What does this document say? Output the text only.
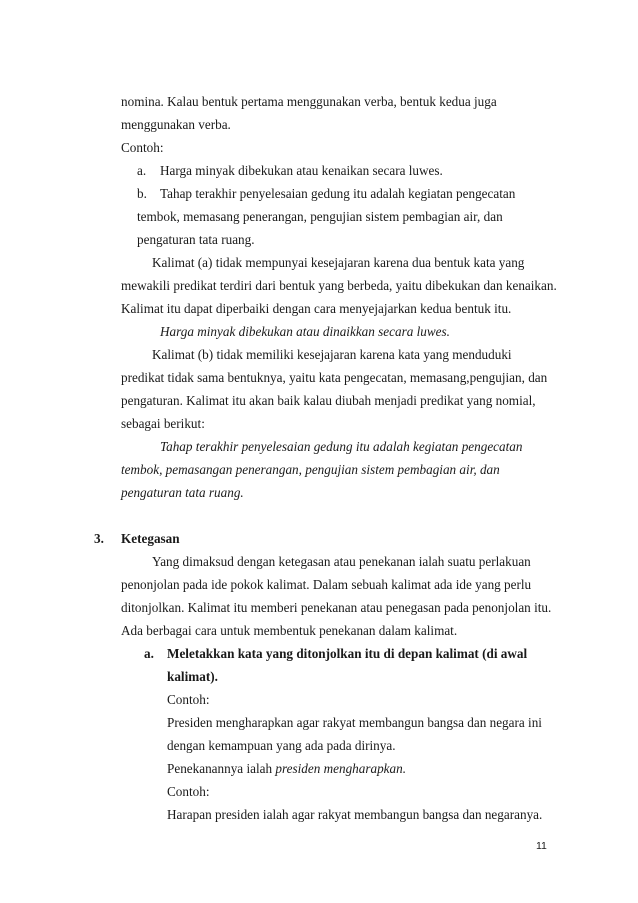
nomina. Kalau bentuk pertama menggunakan verba, bentuk kedua juga
menggunakan verba.
Contoh:
a. Harga minyak dibekukan atau kenaikan secara luwes.
b. Tahap terakhir penyelesaian gedung itu adalah kegiatan pengecatan
tembok, memasang penerangan, pengujian sistem pembagian air, dan
pengaturan tata ruang.
Kalimat (a) tidak mempunyai kesejajaran karena dua bentuk kata yang
mewakili predikat terdiri dari bentuk yang berbeda, yaitu dibekukan dan kenaikan.
Kalimat itu dapat diperbaiki dengan cara menyejajarkan kedua bentuk itu.
Harga minyak dibekukan atau dinaikkan secara luwes.
Kalimat (b) tidak memiliki kesejajaran karena kata yang menduduki
predikat tidak sama bentuknya, yaitu kata pengecatan, memasang,pengujian, dan
pengaturan. Kalimat itu akan baik kalau diubah menjadi predikat yang nomial,
sebagai berikut:
Tahap terakhir penyelesaian gedung itu adalah kegiatan pengecatan
tembok, pemasangan penerangan, pengujian sistem pembagian air, dan
pengaturan tata ruang.
3. Ketegasan
Yang dimaksud dengan ketegasan atau penekanan ialah suatu perlakuan
penonjolan pada ide pokok kalimat. Dalam sebuah kalimat ada ide yang perlu
ditonjolkan. Kalimat itu memberi penekanan atau penegasan pada penonjolan itu.
Ada berbagai cara untuk membentuk penekanan dalam kalimat.
a. Meletakkan kata yang ditonjolkan itu di depan kalimat (di awal
kalimat).
Contoh:
Presiden mengharapkan agar rakyat membangun bangsa dan negara ini
dengan kemampuan yang ada pada dirinya.
Penekanannya ialah presiden mengharapkan.
Contoh:
Harapan presiden ialah agar rakyat membangun bangsa dan negaranya.
11
